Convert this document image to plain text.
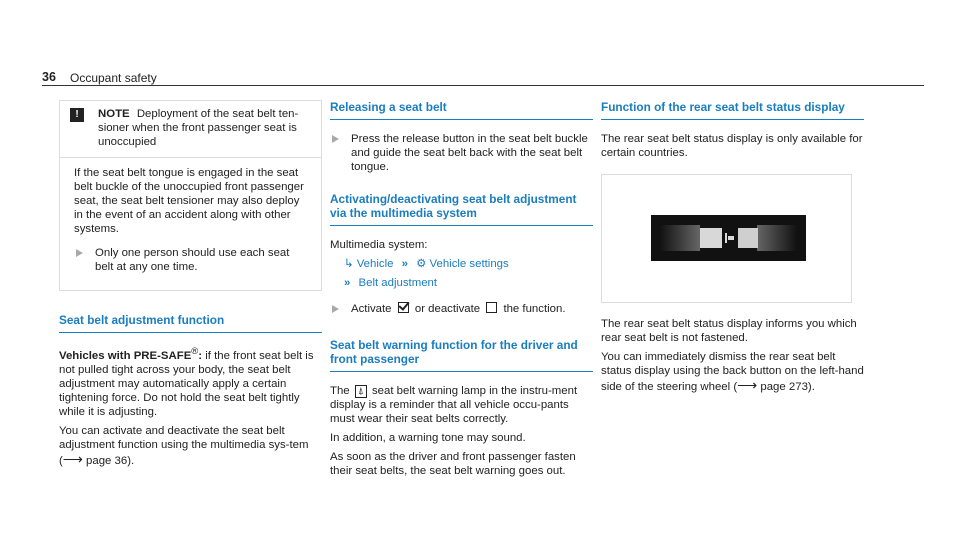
36 Occupant safety
!	NOTE Deployment of the seat belt ten-sioner when the front passenger seat is unoccupied

If the seat belt tongue is engaged in the seat belt buckle of the unoccupied front passenger seat, the seat belt tensioner may also deploy in the event of an accident along with other systems.

Only one person should use each seat belt at any one time.
Seat belt adjustment function

Vehicles with PRE-SAFE®: if the front seat belt is not pulled tight across your body, the seat belt adjustment may automatically apply a certain tightening force. Do not hold the seat belt tightly while it is adjusting.

You can activate and deactivate the seat belt adjustment function using the multimedia sys-tem (⟶ page 36).

Releasing a seat belt
Press the release button in the seat belt buckle and guide the seat belt back with the seat belt tongue.
Activating/deactivating seat belt adjustment via the multimedia system

Multimedia system:

↳ Vehicle » ⚙ Vehicle settings

» Belt adjustment

Activate or deactivate the function.
Seat belt warning function for the driver and front passenger

The ⍋ seat belt warning lamp in the instru-ment display is a reminder that all vehicle occu-pants must wear their seat belts correctly.

In addition, a warning tone may sound.

As soon as the driver and front passenger fasten their seat belts, the seat belt warning goes out.

Function of the rear seat belt status display

The rear seat belt status display is only available for certain countries.

The rear seat belt status display informs you which rear seat belt is not fastened.

You can immediately dismiss the rear seat belt status display using the back button on the left-hand side of the steering wheel (⟶ page 273).
